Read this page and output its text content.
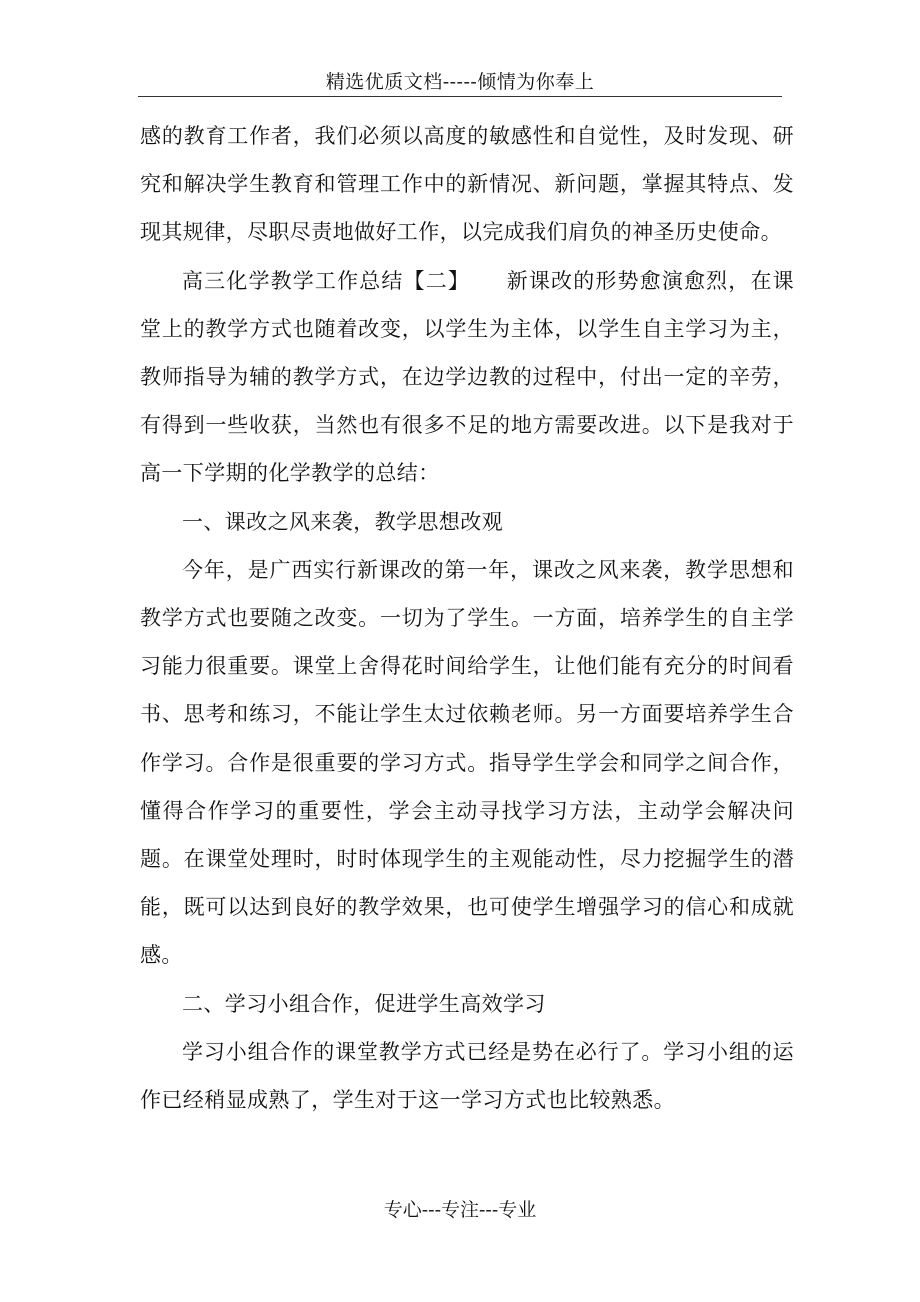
精选优质文档-----倾情为你奉上

感的教育工作者，我们必须以高度的敏感性和自觉性，及时发现、研究和解决学生教育和管理工作中的新情况、新问题，掌握其特点、发现其规律，尽职尽责地做好工作，以完成我们肩负的神圣历史使命。

高三化学教学工作总结【二】 新课改的形势愈演愈烈，在课堂上的教学方式也随着改变，以学生为主体，以学生自主学习为主，教师指导为辅的教学方式，在边学边教的过程中，付出一定的辛劳，有得到一些收获，当然也有很多不足的地方需要改进。以下是我对于高一下学期的化学教学的总结：

一、课改之风来袭，教学思想改观

今年，是广西实行新课改的第一年，课改之风来袭，教学思想和教学方式也要随之改变。一切为了学生。一方面，培养学生的自主学习能力很重要。课堂上舍得花时间给学生，让他们能有充分的时间看书、思考和练习，不能让学生太过依赖老师。另一方面要培养学生合作学习。合作是很重要的学习方式。指导学生学会和同学之间合作，懂得合作学习的重要性，学会主动寻找学习方法，主动学会解决问题。在课堂处理时，时时体现学生的主观能动性，尽力挖掘学生的潜能，既可以达到良好的教学效果，也可使学生增强学习的信心和成就感。

二、学习小组合作，促进学生高效学习

学习小组合作的课堂教学方式已经是势在必行了。学习小组的运作已经稍显成熟了，学生对于这一学习方式也比较熟悉。

专心---专注---专业
